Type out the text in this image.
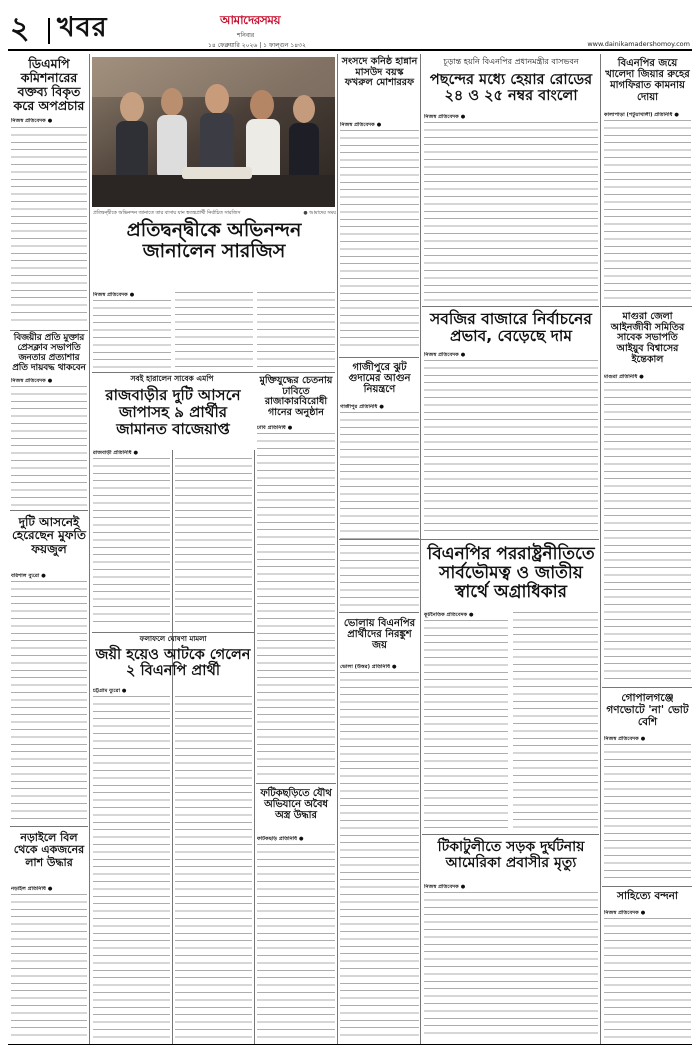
২ খবর	আমাদেরসময়
শনিবার
১৪ ফেব্রুয়ারি ২০২৬ | ১ ফাল্গুন ১৪৩২	www.dainikamadershomoy.com
ডিএমপি কমিশনারের বক্তব্য বিকৃত করে অপপ্রচার
নিজস্ব প্রতিবেদক ●
বিজয়ীর প্রতি মুক্তার প্রেসক্লাব সভাপতি জনতার প্রত্যাশার প্রতি দায়বদ্ধ থাকবেন
নিজস্ব প্রতিবেদক ●
দুটি আসনেই হেরেছেন মুফতি ফয়জুল
বরিশাল ব্যুরো ●
নড়াইলে বিল থেকে একজনের লাশ উদ্ধার
নড়াইল প্রতিনিধি ●
প্রতিদ্বন্দ্বীকে অভিনন্দন জানাতে তার বাসায় যান স্বতন্ত্রপ্রার্থী নির্বাচিত সারজিস	● আমাদের সময়
প্রতিদ্বন্দ্বীকে অভিনন্দন জানালেন সারজিস
নিজস্ব প্রতিবেদক ●
সবই হারালেন সাবেক এমপি
রাজবাড়ীর দুটি আসনে জাপাসহ ৯ প্রার্থীর জামানত বাজেয়াপ্ত
রাজবাড়ী প্রতিনিধি ●
ফলাফলে ঘোষণা মামলা
জয়ী হয়েও আটকে গেলেন ২ বিএনপি প্রার্থী
চট্টগ্রাম ব্যুরো ●
মুক্তিযুদ্ধের চেতনায় ঢাবিতে রাজাকারবিরোধী গানের অনুষ্ঠান
ঢাবি প্রতিনিধি ●
ফটিকছড়িতে যৌথ অভিযানে অবৈধ অস্ত্র উদ্ধার
ফটিকছড়ি প্রতিনিধি ●
সংসদে কনিষ্ঠ হান্নান মাসউদ বয়স্ক ফখরুল মোশাররফ
নিজস্ব প্রতিবেদক ●
গাজীপুরে ঝুট গুদামের আগুন নিয়ন্ত্রণে
গাজীপুর প্রতিনিধি ●
ভোলায় বিএনপির প্রার্থীদের নিরঙ্কুশ জয়
ভোলা (উত্তর) প্রতিনিধি ●
চূড়ান্ত হয়নি বিএনপির প্রধানমন্ত্রীর বাসভবন
পছন্দের মধ্যে হেয়ার রোডের ২৪ ও ২৫ নম্বর বাংলো
নিজস্ব প্রতিবেদক ●
সবজির বাজারে নির্বাচনের প্রভাব, বেড়েছে দাম
নিজস্ব প্রতিবেদক ●
বিএনপির পররাষ্ট্রনীতিতে সার্বভৌমত্ব ও জাতীয় স্বার্থে অগ্রাধিকার
কূটনৈতিক প্রতিবেদক ●
টিকাটুলীতে সড়ক দুর্ঘটনায় আমেরিকা প্রবাসীর মৃত্যু
নিজস্ব প্রতিবেদক ●
বিএনপির জয়ে খালেদা জিয়ার রুহের মাগফিরাত কামনায় দোয়া
কালাপাড়া (পটুয়াখালী) প্রতিনিধি ●
মাগুরা জেলা আইনজীবী সমিতির সাবেক সভাপতি আইয়ুব বিশ্বাসের ইন্তেকাল
মাগুরা প্রতিনিধি ●
গোপালগঞ্জে গণভোটে 'না' ভোট বেশি
নিজস্ব প্রতিবেদক ●
সাহিত্যে বন্দনা
নিজস্ব প্রতিবেদক ●
